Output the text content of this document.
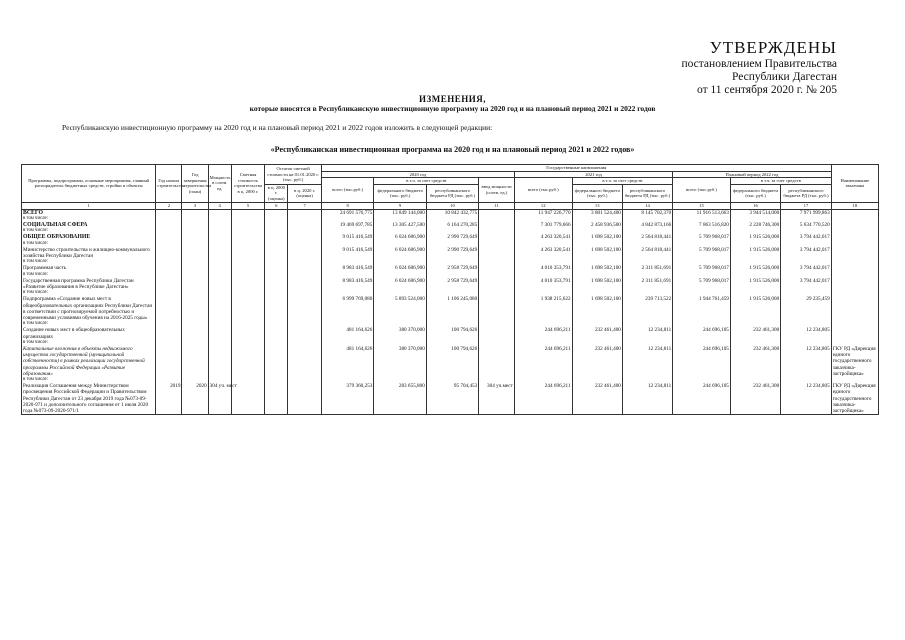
УТВЕРЖДЕНЫ
постановлением Правительства
Республики Дагестан
от 11 сентября 2020 г. № 205
ИЗМЕНЕНИЯ,
которые вносятся в Республиканскую инвестиционную программу на 2020 год и на плановый период 2021 и 2022 годов
Республиканскую инвестиционную программу на 2020 год и на плановый период 2021 и 2022 годов изложить в следующей редакции:
«Республиканская инвестиционная программа на 2020 год и на плановый период 2021 и 2022 годов»
Программы, подпрограммы, основные мероприятия, главный распорядитель бюджетных средств, стройки и объекты	Год начала строительства	Год завершения строительства (план)	Мощность в соотв. ед.	Сметная стоимость строительства в ц. 2000 г.	Остаток сметной стоимости на 01.01.2020 г. (тыс. руб.)		Государственные капвложения										Наименование заказчика
							2020 год				2021 год			Плановый период 2022 год			
							всего (тыс.руб.)	в т.ч. за счет средств		ввод мощности (соотв. ед.)	всего (тыс.руб.)	в т.ч. за счет средств		всего (тыс.руб.)	в т.ч. за счет средств		
					в ц. 2000 г. (оценка)	в ц. 2020 г. (оценка)		федерального бюджета (тыс. руб.)	республиканского бюджета РД (тыс. руб.)			федерального бюджета (тыс. руб.)	республиканского бюджета РД (тыс. руб.)		федерального бюджета (тыс. руб.)	республиканского бюджета РД (тыс. руб.)	
1	2	3	4	5	6	7	8	9	10	11	12	13	14	15	16	17	18
ВСЕГО							24 691 576,775	13 849 144,000	10 842 432,775		11 947 226,770	3 801 524,400	8 145 702,370	11 916 513,663	3 944 514,000	7 971 999,863	
в том числе:																	
СОЦИАЛЬНАЯ СФЕРА							19 469 697,785	13 305 427,500	6 164 270,285		7 301 779,666	2 458 936,500	4 842 873,166	7 863 516,820	2 228 746,300	5 634 770,520	
в том числе:																	
ОБЩЕЕ ОБРАЗОВАНИЕ							9 015 416,549	6 024 686,900	2 990 729,649		4 263 320,541	1 698 502,100	2 564 818,441	5 709 968,017	1 915 526,000	3 794 442,017	
в том числе:																	
Министерство строительства и жилищно-коммунального хозяйства Республики Дагестан							9 015 416,549	6 024 686,900	2 990 729,649		4 263 320,541	1 698 502,100	2 564 818,441	5 709 968,017	1 915 526,000	3 794 442,017	
в том числе:																	
Программная часть							8 983 416,549	6 024 686,900	2 958 729,649		4 010 353,791	1 698 502,100	2 311 851,691	5 709 968,017	1 915 526,000	3 794 442,017	
в том числе:																	
Государственная программа Республики Дагестан «Развитие образования в Республике Дагестан»							8 983 416,549	6 024 686,900	2 958 729,649		4 010 353,791	1 698 502,100	2 311 851,691	5 709 968,017	1 915 526,000	3 794 442,017	
в том числе:																	
Подпрограмма «Создание новых мест в общеобразовательных организациях Республики Дагестан в соответствии с прогнозируемой потребностью и современными условиями обучения на 2016-2025 годы»							6 999 769,080	5 893 524,000	1 106 245,080		1 938 215,622	1 698 502,100	239 713,522	1 944 761,459	1 915 526,000	29 235,459	
в том числе:																	
Создание новых мест в общеобразовательных организациях							481 164,626	380 370,000	100 794,626		244 696,211	232 461,400	12 234,811	244 696,105	232 461,300	12 234,805	
в том числе:																	
Капитальные вложения в объекты недвижимого имущества государственной (муниципальной собственности) в рамках реализации государственной программы Российской Федерации «Развитие образования»							481 164,626	380 370,000	100 794,626		244 696,211	232 461,400	12 234,811	244 696,105	232 461,300	12 234,805	ГКУ РД «Дирекция единого государственного заказчика-застройщика»
в том числе:																	
Реализация Соглашения между Министерством просвещения Российской Федерации и Правительством Республики Дагестан от 23 декабря 2019 года №073-09-2020-971 и дополнительного соглашения от 1 июля 2020 года №073-09-2020-971/1	2019	2020	304 уч. мест				379 360,253	283 655,800	95 704,453	304 уч.мест	244 696,211	232 461,400	12 234,811	244 696,105	232 461,300	12 234,805	ГКУ РД «Дирекция единого государственного заказчика-застройщика»
